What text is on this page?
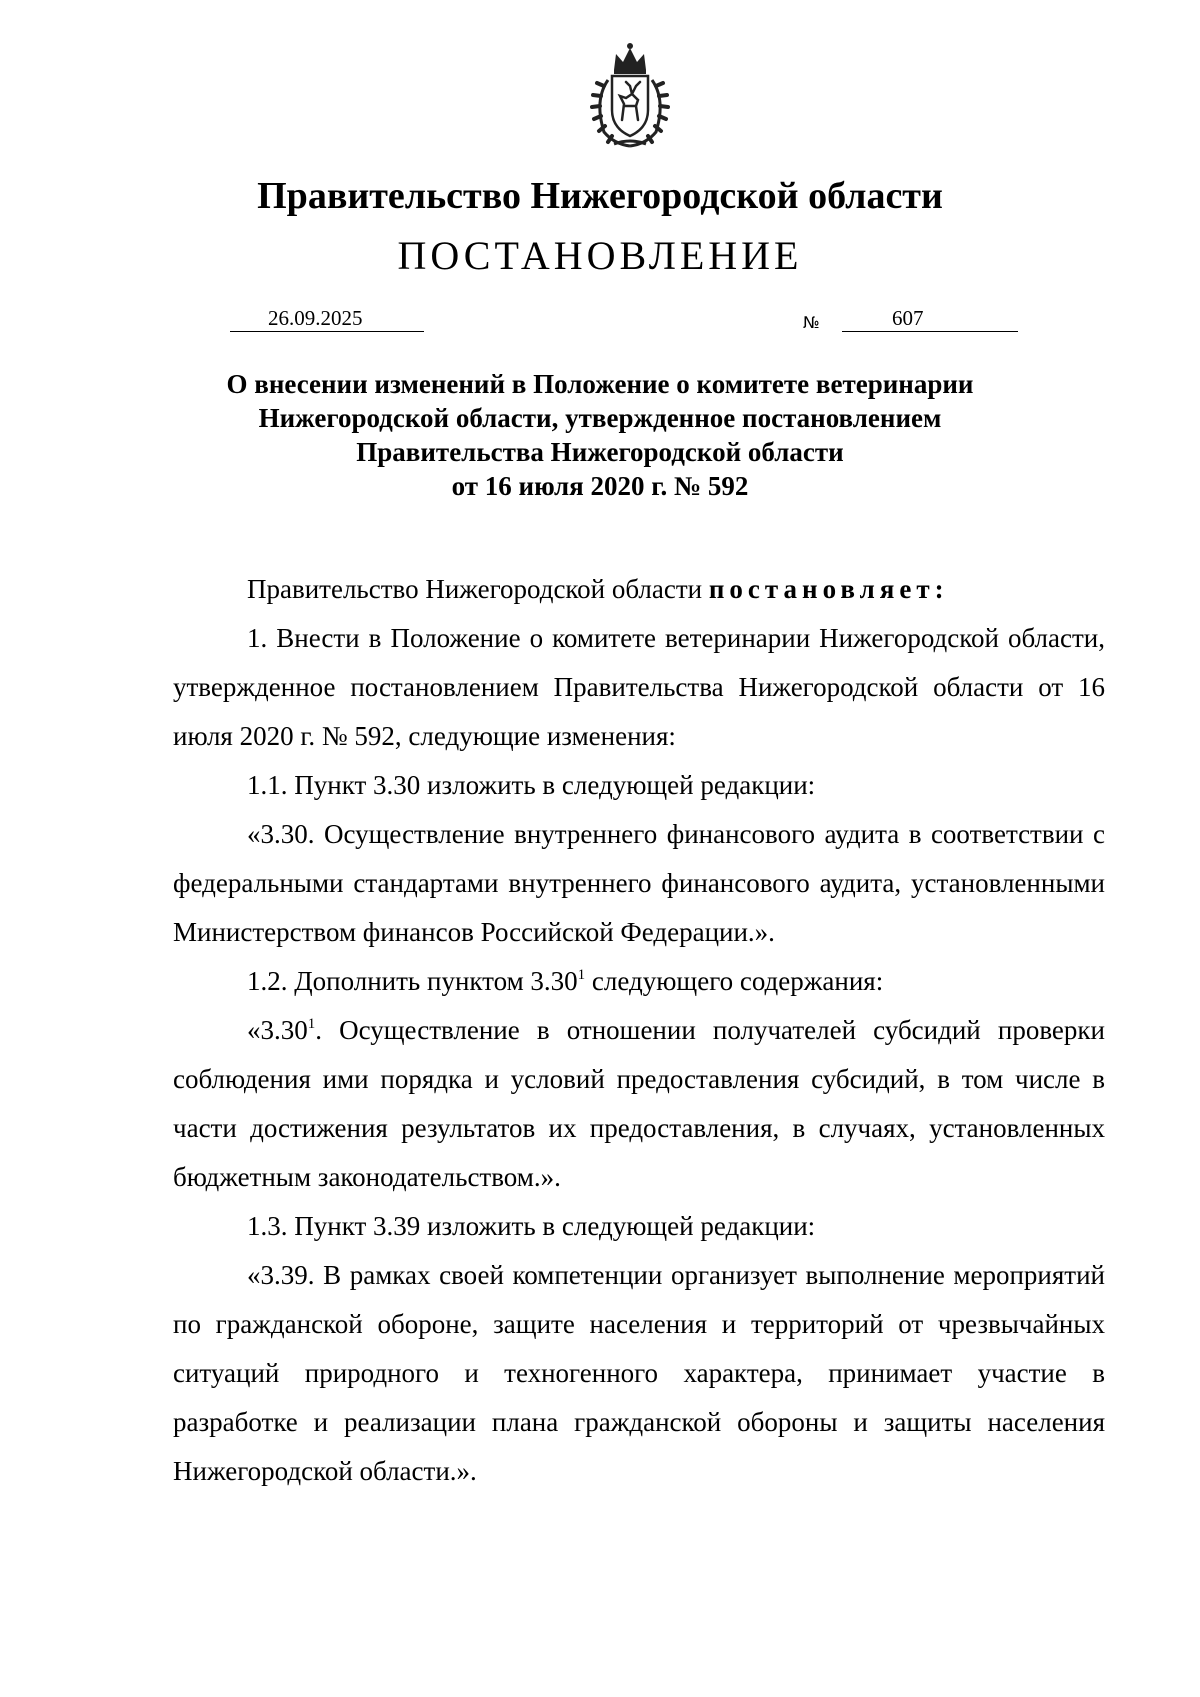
Правительство Нижегородской области
ПОСТАНОВЛЕНИЕ
26.09.2025	№	607
О внесении изменений в Положение о комитете ветеринарии
Нижегородской области, утвержденное постановлением
Правительства Нижегородской области
от 16 июля 2020 г. № 592

Правительство Нижегородской области постановляет:

1. Внести в Положение о комитете ветеринарии Нижегородской области, утвержденное постановлением Правительства Нижегородской области от 16 июля 2020 г. № 592, следующие изменения:

1.1. Пункт 3.30 изложить в следующей редакции:

«3.30. Осуществление внутреннего финансового аудита в соответствии с федеральными стандартами внутреннего финансового аудита, установленными Министерством финансов Российской Федерации.».

1.2. Дополнить пунктом 3.30$^1$ следующего содержания:

«3.30$^1$. Осуществление в отношении получателей субсидий проверки соблюдения ими порядка и условий предоставления субсидий, в том числе в части достижения результатов их предоставления, в случаях, установленных бюджетным законодательством.».

1.3. Пункт 3.39 изложить в следующей редакции:

«3.39. В рамках своей компетенции организует выполнение мероприятий по гражданской обороне, защите населения и территорий от чрезвычайных ситуаций природного и техногенного характера, принимает участие в разработке и реализации плана гражданской обороны и защиты населения Нижегородской области.».
